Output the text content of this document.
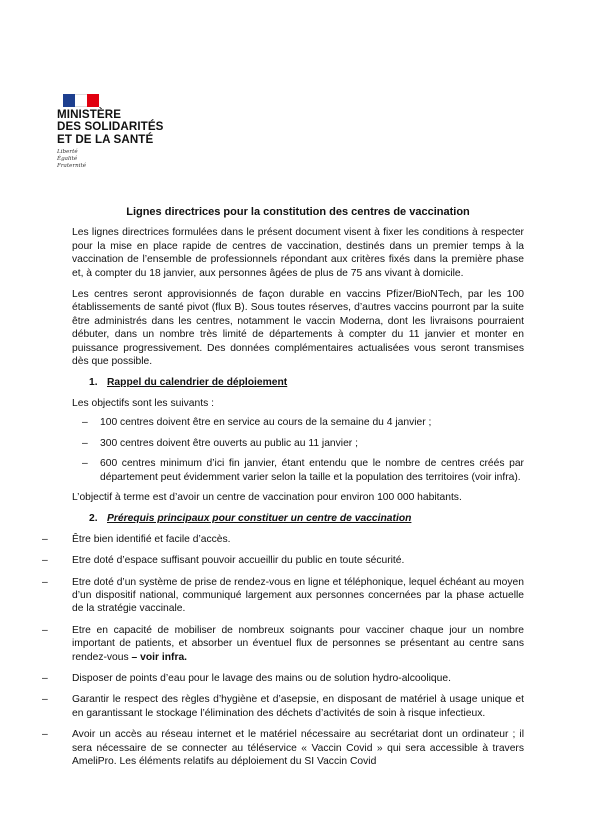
MINISTÈRE
DES SOLIDARITÉS
ET DE LA SANTÉ
Liberté
Égalité
Fraternité
Lignes directrices pour la constitution des centres de vaccination

Les lignes directrices formulées dans le présent document visent à fixer les conditions à respecter pour la mise en place rapide de centres de vaccination, destinés dans un premier temps à la vaccination de l’ensemble de professionnels répondant aux critères fixés dans la première phase et, à compter du 18 janvier, aux personnes âgées de plus de 75 ans vivant à domicile.

Les centres seront approvisionnés de façon durable en vaccins Pfizer/BioNTech, par les 100 établissements de santé pivot (flux B). Sous toutes réserves, d’autres vaccins pourront par la suite être administrés dans les centres, notamment le vaccin Moderna, dont les livraisons pourraient débuter, dans un nombre très limité de départements à compter du 11 janvier et monter en puissance progressivement. Des données complémentaires actualisées vous seront transmises dès que possible.

1. Rappel du calendrier de déploiement

Les objectifs sont les suivants :

– 100 centres doivent être en service au cours de la semaine du 4 janvier ;
– 300 centres doivent être ouverts au public au 11 janvier ;
– 600 centres minimum d’ici fin janvier, étant entendu que le nombre de centres créés par département peut évidemment varier selon la taille et la population des territoires (voir infra).

L’objectif à terme est d’avoir un centre de vaccination pour environ 100 000 habitants.

2. Prérequis principaux pour constituer un centre de vaccination
– Être bien identifié et facile d’accès.
– Etre doté d’espace suffisant pouvoir accueillir du public en toute sécurité.
– Etre doté d’un système de prise de rendez-vous en ligne et téléphonique, lequel échéant au moyen d’un dispositif national, communiqué largement aux personnes concernées par la phase actuelle de la stratégie vaccinale.
– Etre en capacité de mobiliser de nombreux soignants pour vacciner chaque jour un nombre important de patients, et absorber un éventuel flux de personnes se présentant au centre sans rendez-vous – voir infra.
– Disposer de points d’eau pour le lavage des mains ou de solution hydro-alcoolique.
– Garantir le respect des règles d’hygiène et d’asepsie, en disposant de matériel à usage unique et en garantissant le stockage l’élimination des déchets d’activités de soin à risque infectieux.
– Avoir un accès au réseau internet et le matériel nécessaire au secrétariat dont un ordinateur ; il sera nécessaire de se connecter au téléservice « Vaccin Covid » qui sera accessible à travers AmeliPro. Les éléments relatifs au déploiement du SI Vaccin Covid
